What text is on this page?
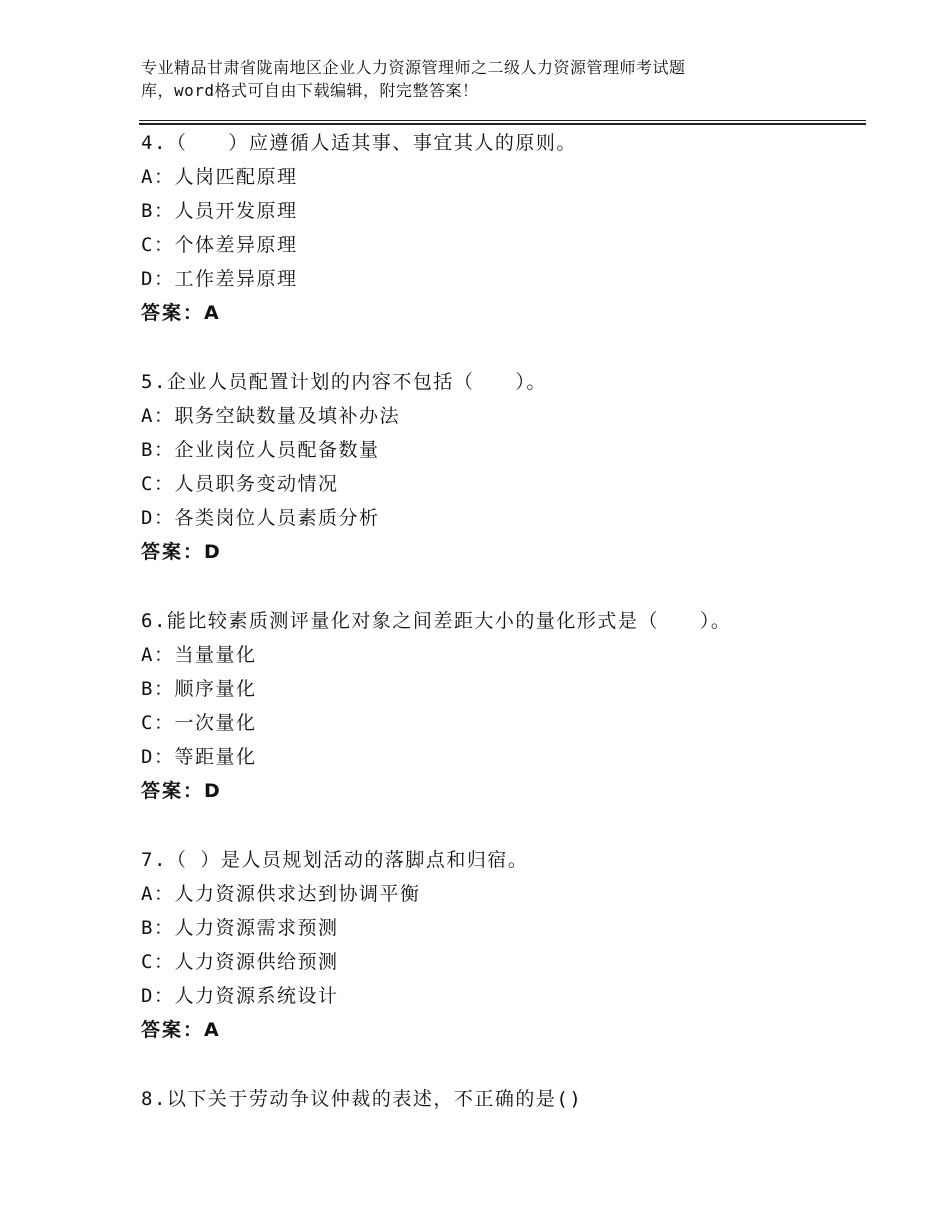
专业精品甘肃省陇南地区企业人力资源管理师之二级人力资源管理师考试题
库，word格式可自由下载编辑，附完整答案！
4.（　　）应遵循人适其事、事宜其人的原则。
A：人岗匹配原理
B：人员开发原理
C：个体差异原理
D：工作差异原理
答案：A
5.企业人员配置计划的内容不包括（　　）。
A：职务空缺数量及填补办法
B：企业岗位人员配备数量
C：人员职务变动情况
D：各类岗位人员素质分析
答案：D
6.能比较素质测评量化对象之间差距大小的量化形式是（　　）。
A：当量量化
B：顺序量化
C：一次量化
D：等距量化
答案：D
7.（ ）是人员规划活动的落脚点和归宿。
A：人力资源供求达到协调平衡
B：人力资源需求预测
C：人力资源供给预测
D：人力资源系统设计
答案：A
8.以下关于劳动争议仲裁的表述，不正确的是()
